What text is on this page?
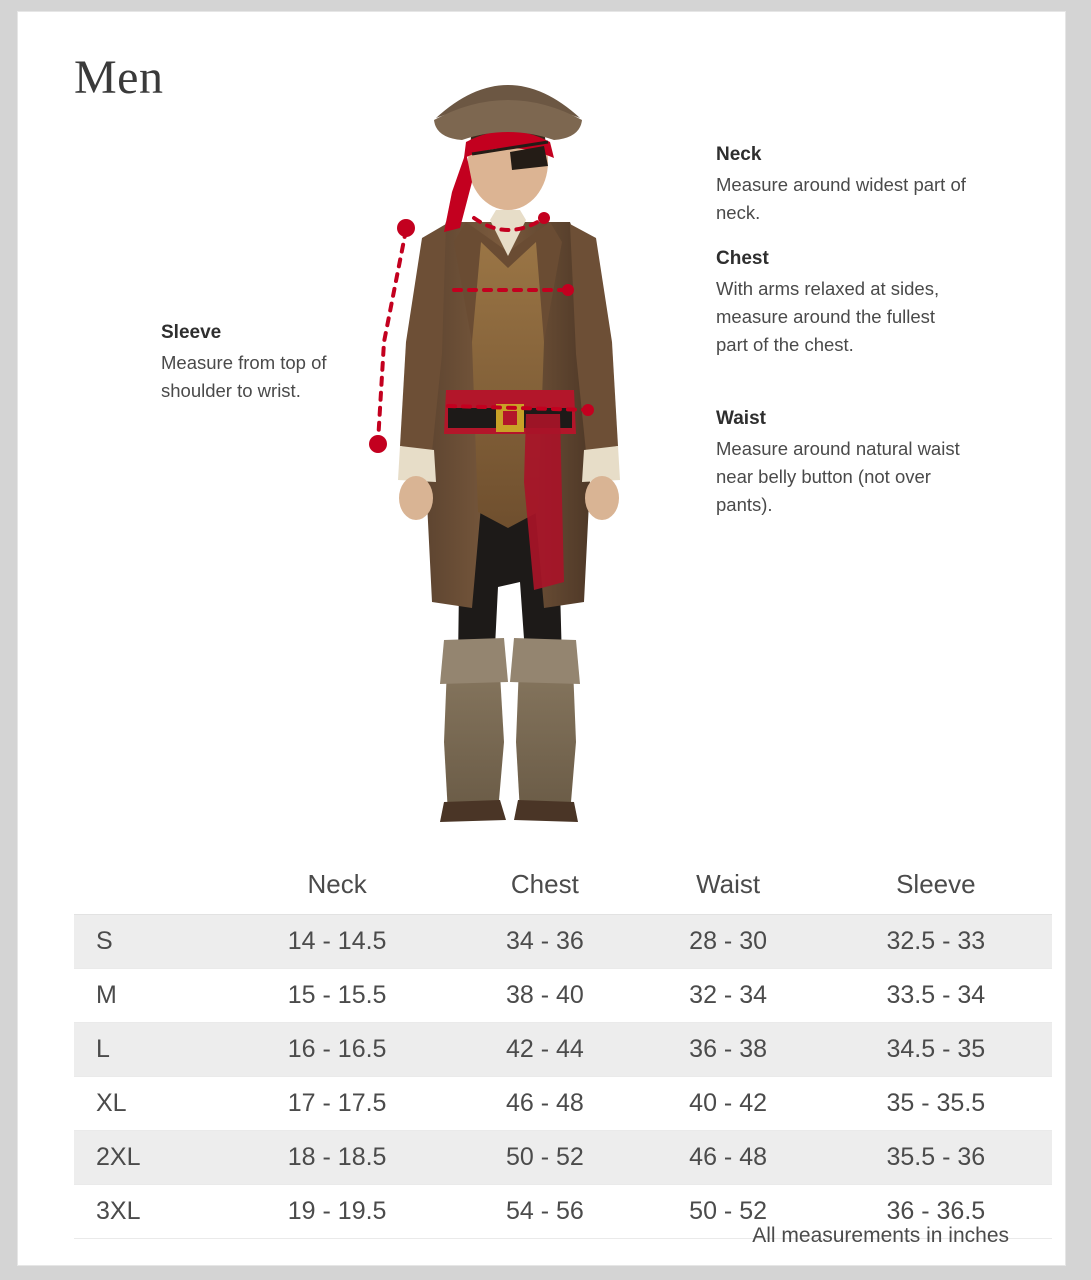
Men
Sleeve
Measure from top of shoulder to wrist.
Neck
Measure around widest part of neck.
Chest
With arms relaxed at sides, measure around the fullest part of the chest.
Waist
Measure around natural waist near belly button (not over pants).
	Neck	Chest	Waist	Sleeve
S	14 - 14.5	34 - 36	28 - 30	32.5 - 33
M	15 - 15.5	38 - 40	32 - 34	33.5 - 34
L	16 - 16.5	42 - 44	36 - 38	34.5 - 35
XL	17 - 17.5	46 - 48	40 - 42	35 - 35.5
2XL	18 - 18.5	50 - 52	46 - 48	35.5 - 36
3XL	19 - 19.5	54 - 56	50 - 52	36 - 36.5
All measurements in inches
